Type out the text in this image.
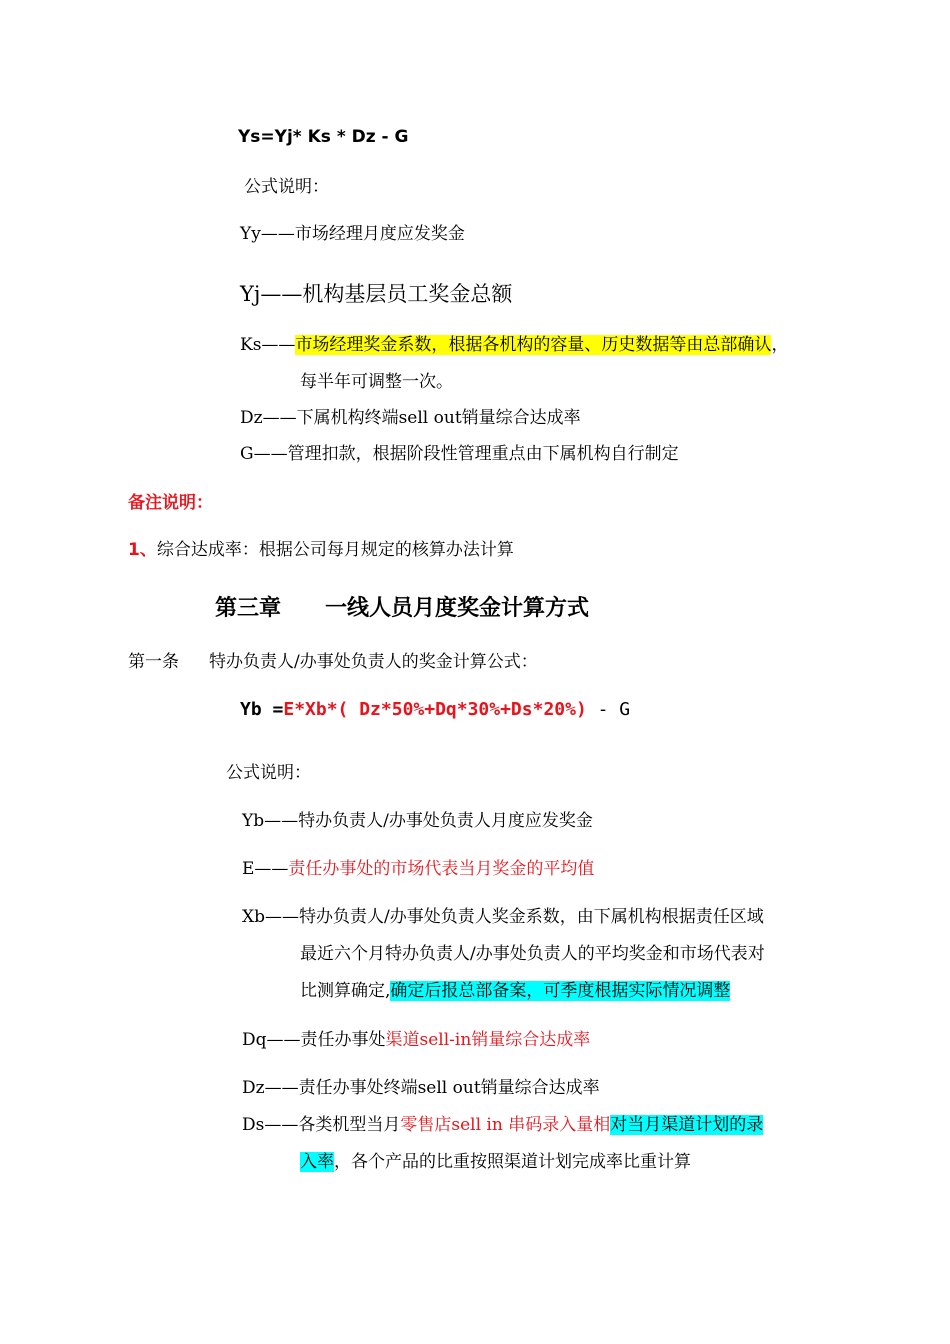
Ys=Yj* Ks * Dz - G
公式说明：
Yy——市场经理月度应发奖金
Yj——机构基层员工奖金总额
Ks——市场经理奖金系数，根据各机构的容量、历史数据等由总部确认，
每半年可调整一次。
Dz——下属机构终端sell out销量综合达成率
G——管理扣款，根据阶段性管理重点由下属机构自行制定
备注说明：
1、综合达成率：根据公司每月规定的核算办法计算
第三章　　一线人员月度奖金计算方式
第一条 特办负责人/办事处负责人的奖金计算公式：
Yb =E*Xb*( Dz*50%+Dq*30%+Ds*20%) - G
公式说明：
Yb——特办负责人/办事处负责人月度应发奖金
E——责任办事处的市场代表当月奖金的平均值
Xb——特办负责人/办事处负责人奖金系数，由下属机构根据责任区域
最近六个月特办负责人/办事处负责人的平均奖金和市场代表对
比测算确定,确定后报总部备案，可季度根据实际情况调整
Dq——责任办事处渠道sell-in销量综合达成率
Dz——责任办事处终端sell out销量综合达成率
Ds——各类机型当月零售店sell in 串码录入量相对当月渠道计划的录
入率，各个产品的比重按照渠道计划完成率比重计算
